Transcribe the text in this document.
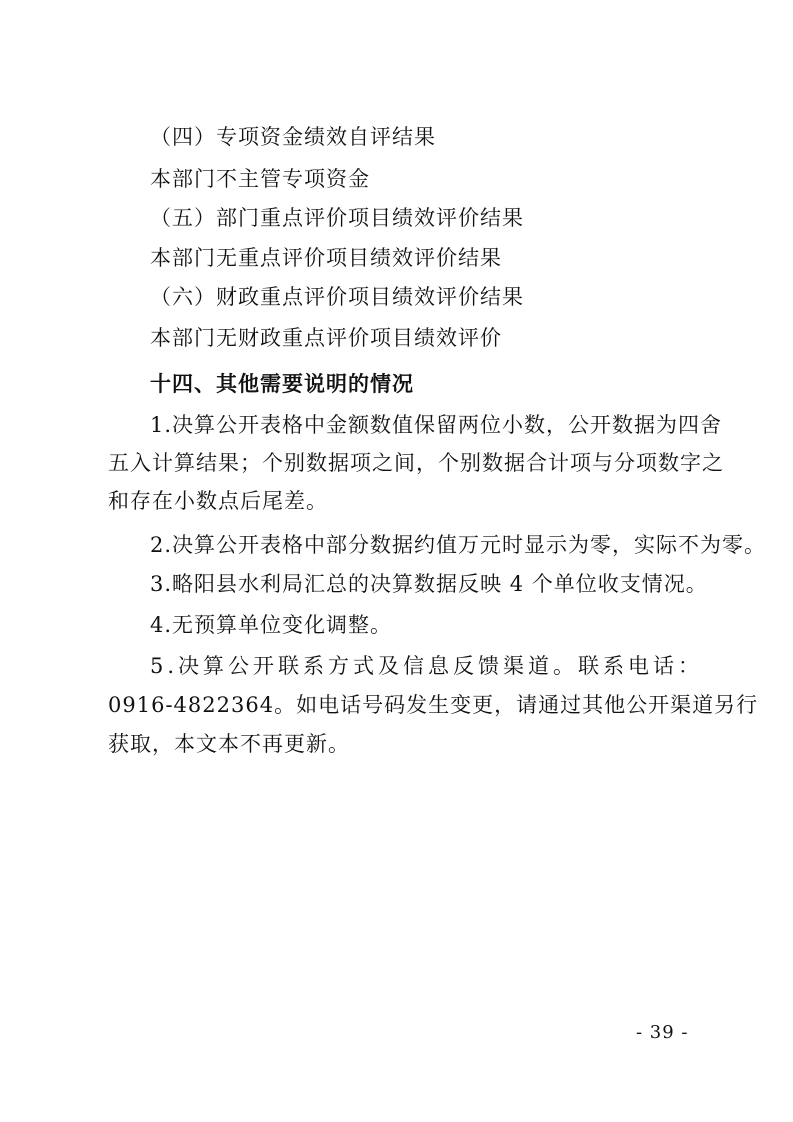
（四）专项资金绩效自评结果
本部门不主管专项资金
（五）部门重点评价项目绩效评价结果
本部门无重点评价项目绩效评价结果
（六）财政重点评价项目绩效评价结果
本部门无财政重点评价项目绩效评价
十四、其他需要说明的情况
1.决算公开表格中金额数值保留两位小数，公开数据为四舍
五入计算结果；个别数据项之间，个别数据合计项与分项数字之
和存在小数点后尾差。
2.决算公开表格中部分数据约值万元时显示为零，实际不为零。
3.略阳县水利局汇总的决算数据反映 4 个单位收支情况。
4.无预算单位变化调整。
5.决算公开联系方式及信息反馈渠道。联系电话：
0916-4822364。如电话号码发生变更，请通过其他公开渠道另行
获取，本文本不再更新。
- 39 -
